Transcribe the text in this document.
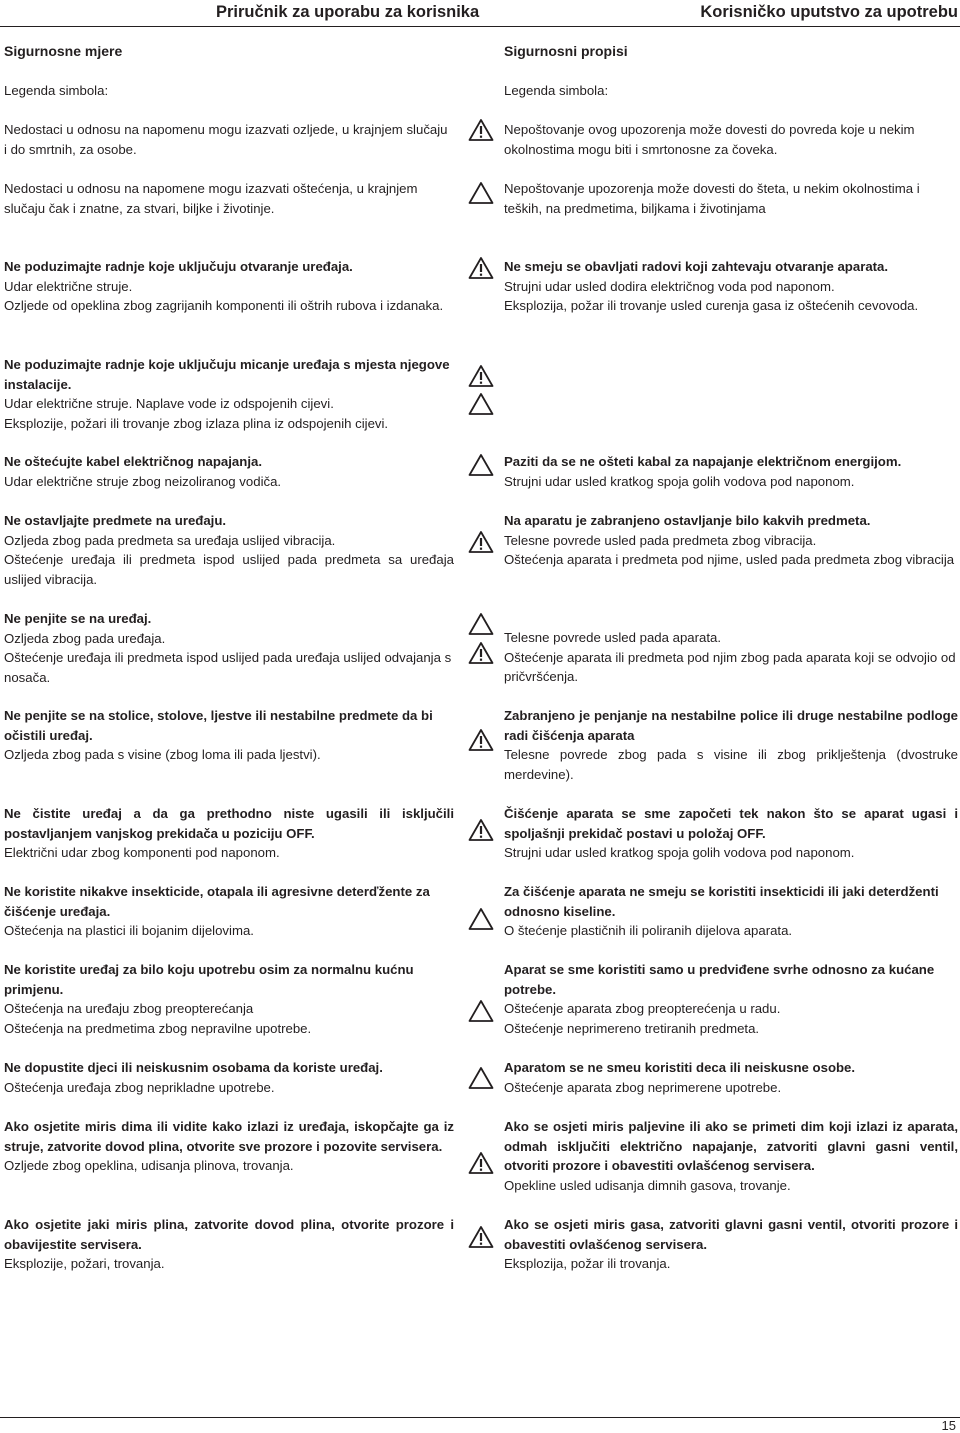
Priručnik za uporabu za korisnika	Korisničko uputstvo za upotrebu
Sigurnosne mjere
Legenda simbola:
Nedostaci u odnosu na napomenu mogu izazvati ozljede, u krajnjem slučaju i do smrtnih, za osobe.
Nedostaci u odnosu na napomene mogu izazvati oštećenja, u krajnjem slučaju čak i znatne, za stvari, biljke i životinje.
Sigurnosni propisi
Legenda simbola:
Nepoštovanje ovog upozorenja može dovesti do povreda koje u nekim okolnostima mogu biti i smrtonosne za čoveka.
Nepoštovanje upozorenja može dovesti do šteta, u nekim okolnostima i teških, na predmetima, biljkama i životinjama
Ne poduzimajte radnje koje uključuju otvaranje uređaja.
Udar električne struje.
Ozljede od opeklina zbog zagrijanih komponenti ili oštrih rubova i izdanaka.
Ne smeju se obavljati radovi koji zahtevaju otvaranje aparata.
Strujni udar usled dodira električnog voda pod naponom.
Eksplozija, požar ili trovanje usled curenja gasa iz oštećenih cevovoda.
Ne poduzimajte radnje koje uključuju micanje uređaja s mjesta njegove instalacije.
Udar električne struje. Naplave vode iz odspojenih cijevi.
Eksplozije, požari ili trovanje zbog izlaza plina iz odspojenih cijevi.
Ne oštećujte kabel električnog napajanja.
Udar električne struje zbog neizoliranog vodiča.
Paziti da se ne ošteti kabal za napajanje električnom energijom.
Strujni udar usled kratkog spoja golih vodova pod naponom.
Ne ostavljajte predmete na uređaju.
Ozljeda zbog pada predmeta sa uređaja uslijed vibracija.
Oštećenje uređaja ili predmeta ispod uslijed pada predmeta sa uređaja uslijed vibracija.
Na aparatu je zabranjeno ostavljanje bilo kakvih predmeta.
Telesne povrede usled pada predmeta zbog vibracija.
Oštećenja aparata i predmeta pod njime, usled pada predmeta zbog vibracija
Ne penjite se na uređaj.
Ozljeda zbog pada uređaja.
Oštećenje uređaja ili predmeta ispod uslijed pada uređaja uslijed odvajanja s nosača.
Telesne povrede usled pada aparata.
Oštećenje aparata ili predmeta pod njim zbog pada aparata koji se odvojio od pričvršćenja.
Ne penjite se na stolice, stolove, ljestve ili nestabilne predmete da bi očistili uređaj.
Ozljeda zbog pada s visine (zbog loma ili pada ljestvi).
Zabranjeno je penjanje na nestabilne police ili druge nestabilne podloge radi čišćenja aparata
Telesne povrede zbog pada s visine ili zbog priklještenja (dvostruke merdevine).
Ne čistite uređaj a da ga prethodno niste ugasili ili isključili postavljanjem vanjskog prekidača u poziciju OFF.
Električni udar zbog komponenti pod naponom.
Čišćenje aparata se sme započeti tek nakon što se aparat ugasi i spoljašnji prekidač postavi u položaj OFF.
Strujni udar usled kratkog spoja golih vodova pod naponom.
Ne koristite nikakve insekticide, otapala ili agresivne deterďžente za čišćenje uređaja.
Oštećenja na plastici ili bojanim dijelovima.
Za čišćenje aparata ne smeju se koristiti insekticidi ili jaki deterdženti odnosno kiseline.
O štećenje plastičnih ili poliranih dijelova aparata.
Ne koristite uređaj za bilo koju upotrebu osim za normalnu kućnu primjenu.
Oštećenja na uređaju zbog preopterećanja
Oštećenja na predmetima zbog nepravilne upotrebe.
Aparat se sme koristiti samo u predviđene svrhe odnosno za kućane potrebe.
Oštećenje aparata zbog preopterećenja u radu.
Oštećenje neprimereno tretiranih predmeta.
Ne dopustite djeci ili neiskusnim osobama da koriste uređaj.
Oštećenja uređaja zbog neprikladne upotrebe.
Aparatom se ne smeu koristiti deca ili neiskusne osobe.
Oštećenje aparata zbog neprimerene upotrebe.
Ako osjetite miris dima ili vidite kako izlazi iz uređaja, iskopčajte ga iz struje, zatvorite dovod plina, otvorite sve prozore i pozovite servisera.
Ozljede zbog opeklina, udisanja plinova, trovanja.
Ako se osjeti miris paljevine ili ako se primeti dim koji izlazi iz aparata, odmah isključiti električno napajanje, zatvoriti glavni gasni ventil, otvoriti prozore i obavestiti ovlašćenog servisera.
Opekline usled udisanja dimnih gasova, trovanje.
Ako osjetite jaki miris plina, zatvorite dovod plina, otvorite prozore i obavijestite servisera.
Eksplozije, požari, trovanja.
Ako se osjeti miris gasa, zatvoriti glavni gasni ventil, otvoriti prozore i obavestiti ovlašćenog servisera.
Eksplozija, požar ili trovanja.
15
